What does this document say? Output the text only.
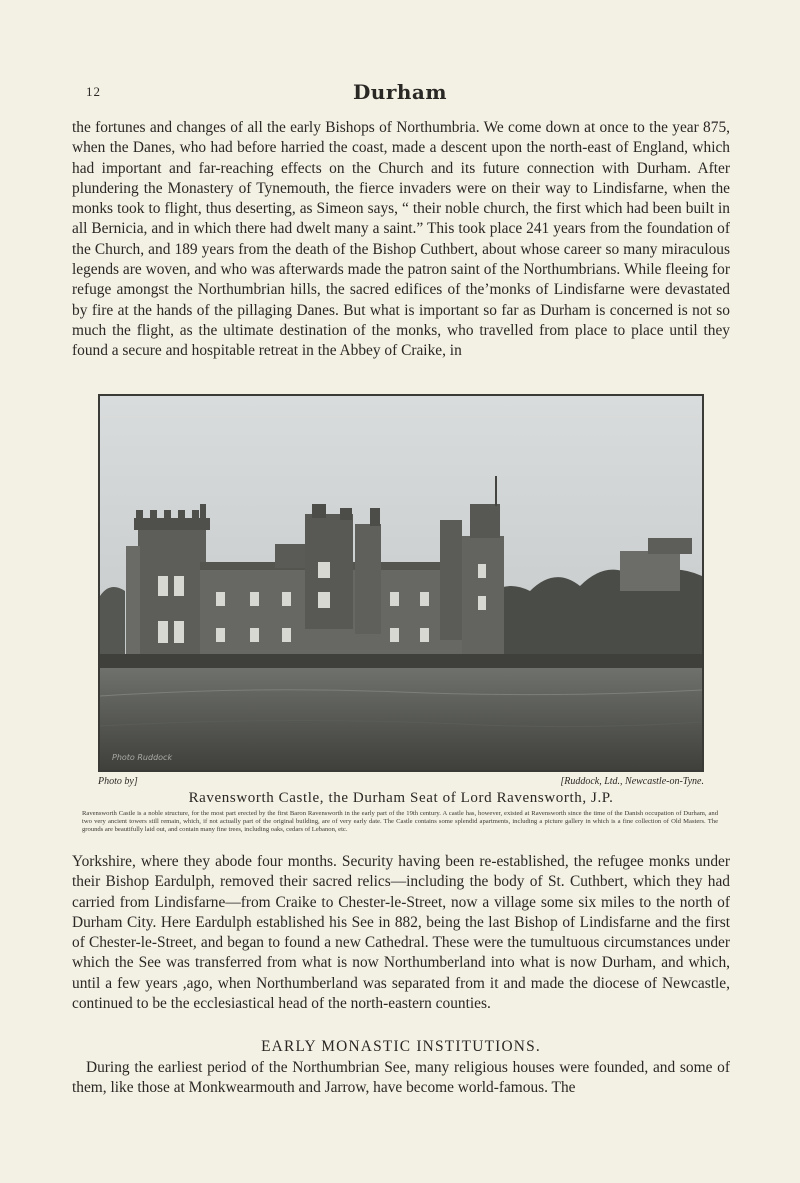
12	Durham

the fortunes and changes of all the early Bishops of Northumbria. We come down at once to the year 875, when the Danes, who had before harried the coast, made a descent upon the north-east of England, which had important and far-reaching effects on the Church and its future connection with Durham. After plundering the Monastery of Tynemouth, the fierce invaders were on their way to Lindisfarne, when the monks took to flight, thus deserting, as Simeon says, “ their noble church, the first which had been built in all Bernicia, and in which there had dwelt many a saint.” This took place 241 years from the foundation of the Church, and 189 years from the death of the Bishop Cuthbert, about whose career so many miraculous legends are woven, and who was afterwards made the patron saint of the Northumbrians. While fleeing for refuge amongst the Northumbrian hills, the sacred edifices of theʼmonks of Lindisfarne were devastated by fire at the hands of the pillaging Danes. But what is important so far as Durham is concerned is not so much the flight, as the ultimate destination of the monks, who travelled from place to place until they found a secure and hospitable retreat in the Abbey of Craike, in

Photo Ruddock
Photo by]	[Ruddock, Ltd., Newcastle-on-Tyne.
Ravensworth Castle, the Durham Seat of Lord Ravensworth, J.P.

Ravensworth Castle is a noble structure, for the most part erected by the first Baron Ravensworth in the early part of the 19th century. A castle has, however, existed at Ravensworth since the time of the Danish occupation of Durham, and two very ancient towers still remain, which, if not actually part of the original building, are of very early date. The Castle contains some splendid apartments, including a picture gallery in which is a fine collection of Old Masters. The grounds are beautifully laid out, and contain many fine trees, including oaks, cedars of Lebanon, etc.

Yorkshire, where they abode four months. Security having been re-established, the refugee monks under their Bishop Eardulph, removed their sacred relics—including the body of St. Cuthbert, which they had carried from Lindisfarne—from Craike to Chester-le-Street, now a village some six miles to the north of Durham City. Here Eardulph established his See in 882, being the last Bishop of Lindisfarne and the first of Chester-le-Street, and began to found a new Cathedral. These were the tumultuous circumstances under which the See was transferred from what is now Northumberland into what is now Durham, and which, until a few years ,ago, when Northumberland was separated from it and made the diocese of Newcastle, continued to be the ecclesiastical head of the north-eastern counties.

EARLY MONASTIC INSTITUTIONS.

During the earliest period of the Northumbrian See, many religious houses were founded, and some of them, like those at Monkwearmouth and Jarrow, have become world-famous. The
